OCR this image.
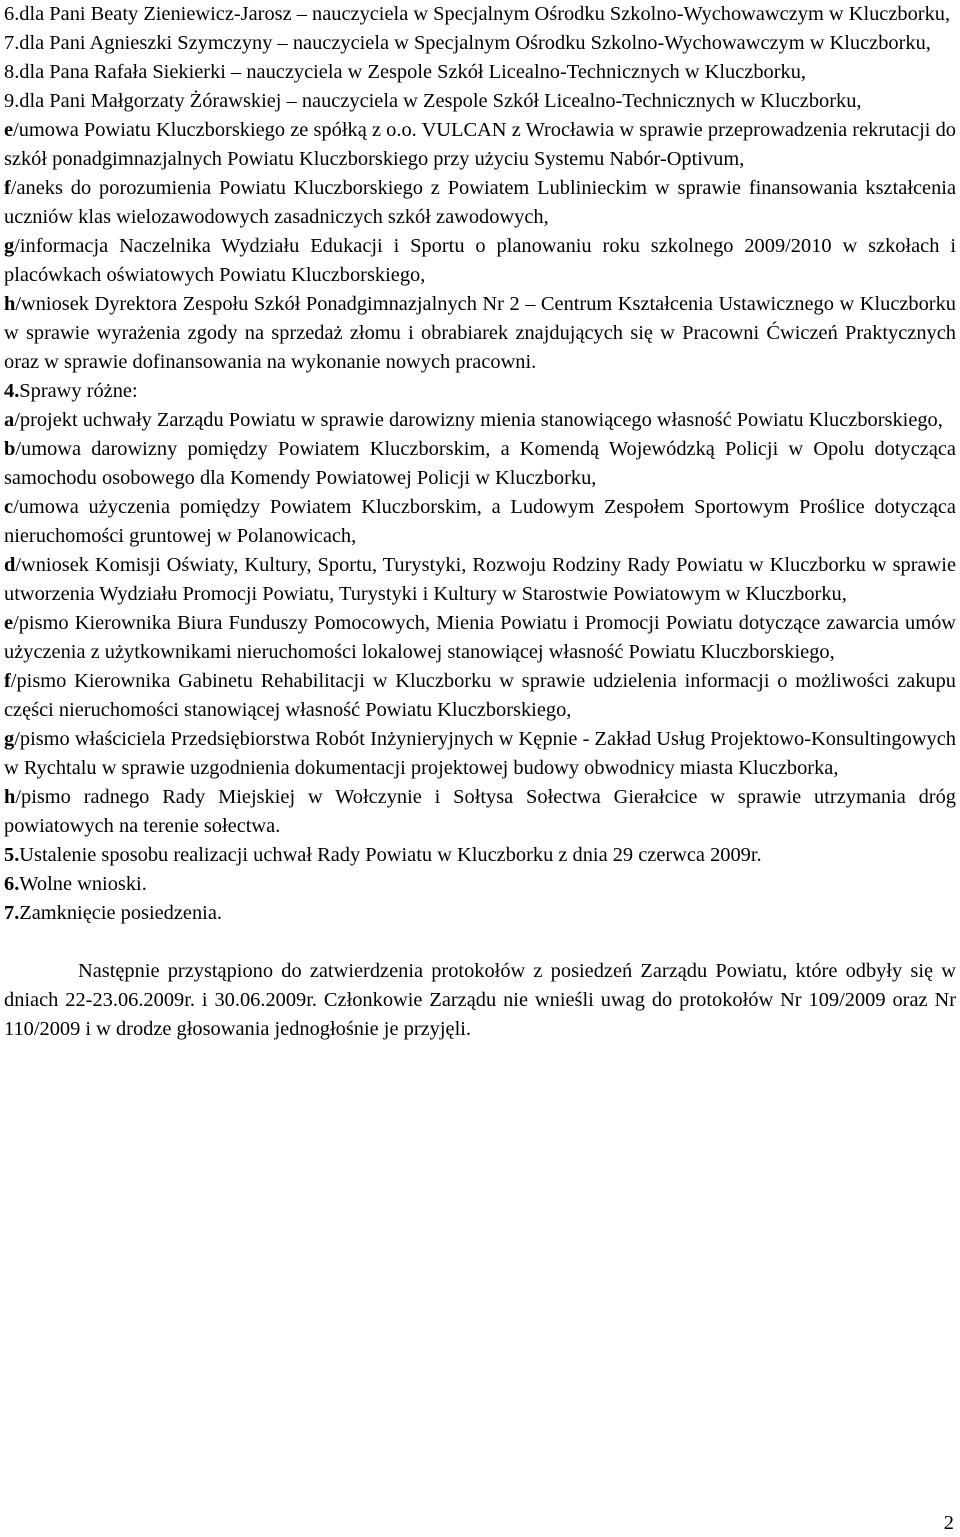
6.dla Pani Beaty Zieniewicz-Jarosz – nauczyciela w Specjalnym Ośrodku Szkolno-Wychowawczym w Kluczborku,

7.dla Pani Agnieszki Szymczyny – nauczyciela w Specjalnym Ośrodku Szkolno-Wychowawczym w Kluczborku,

8.dla Pana Rafała Siekierki – nauczyciela w Zespole Szkół Licealno-Technicznych w Kluczborku,

9.dla Pani Małgorzaty Żórawskiej – nauczyciela w Zespole Szkół Licealno-Technicznych w Kluczborku,

e/umowa Powiatu Kluczborskiego ze spółką z o.o. VULCAN z Wrocławia w sprawie przeprowadzenia rekrutacji do szkół ponadgimnazjalnych Powiatu Kluczborskiego przy użyciu Systemu Nabór-Optivum,

f/aneks do porozumienia Powiatu Kluczborskiego z Powiatem Lublinieckim w sprawie finansowania kształcenia uczniów klas wielozawodowych zasadniczych szkół zawodowych,

g/informacja Naczelnika Wydziału Edukacji i Sportu o planowaniu roku szkolnego 2009/2010 w szkołach i placówkach oświatowych Powiatu Kluczborskiego,

h/wniosek Dyrektora Zespołu Szkół Ponadgimnazjalnych Nr 2 – Centrum Kształcenia Ustawicznego w Kluczborku w sprawie wyrażenia zgody na sprzedaż złomu i obrabiarek znajdujących się w Pracowni Ćwiczeń Praktycznych oraz w sprawie dofinansowania na wykonanie nowych pracowni.

4.Sprawy różne:

a/projekt uchwały Zarządu Powiatu w sprawie darowizny mienia stanowiącego własność Powiatu Kluczborskiego,

b/umowa darowizny pomiędzy Powiatem Kluczborskim, a Komendą Wojewódzką Policji w Opolu dotycząca samochodu osobowego dla Komendy Powiatowej Policji w Kluczborku,

c/umowa użyczenia pomiędzy Powiatem Kluczborskim, a Ludowym Zespołem Sportowym Proślice dotycząca nieruchomości gruntowej w Polanowicach,

d/wniosek Komisji Oświaty, Kultury, Sportu, Turystyki, Rozwoju Rodziny Rady Powiatu w Kluczborku w sprawie utworzenia Wydziału Promocji Powiatu, Turystyki i Kultury w Starostwie Powiatowym w Kluczborku,

e/pismo Kierownika Biura Funduszy Pomocowych, Mienia Powiatu i Promocji Powiatu dotyczące zawarcia umów użyczenia z użytkownikami nieruchomości lokalowej stanowiącej własność Powiatu Kluczborskiego,

f/pismo Kierownika Gabinetu Rehabilitacji w Kluczborku w sprawie udzielenia informacji o możliwości zakupu części nieruchomości stanowiącej własność Powiatu Kluczborskiego,

g/pismo właściciela Przedsiębiorstwa Robót Inżynieryjnych w Kępnie - Zakład Usług Projektowo-Konsultingowych w Rychtalu w sprawie uzgodnienia dokumentacji projektowej budowy obwodnicy miasta Kluczborka,

h/pismo radnego Rady Miejskiej w Wołczynie i Sołtysa Sołectwa Gierałcice w sprawie utrzymania dróg powiatowych na terenie sołectwa.

5.Ustalenie sposobu realizacji uchwał Rady Powiatu w Kluczborku z dnia 29 czerwca 2009r.

6.Wolne wnioski.

7.Zamknięcie posiedzenia.

Następnie przystąpiono do zatwierdzenia protokołów z posiedzeń Zarządu Powiatu, które odbyły się w dniach 22-23.06.2009r. i 30.06.2009r. Członkowie Zarządu nie wnieśli uwag do protokołów Nr 109/2009 oraz Nr 110/2009 i w drodze głosowania jednogłośnie je przyjęli.

2
